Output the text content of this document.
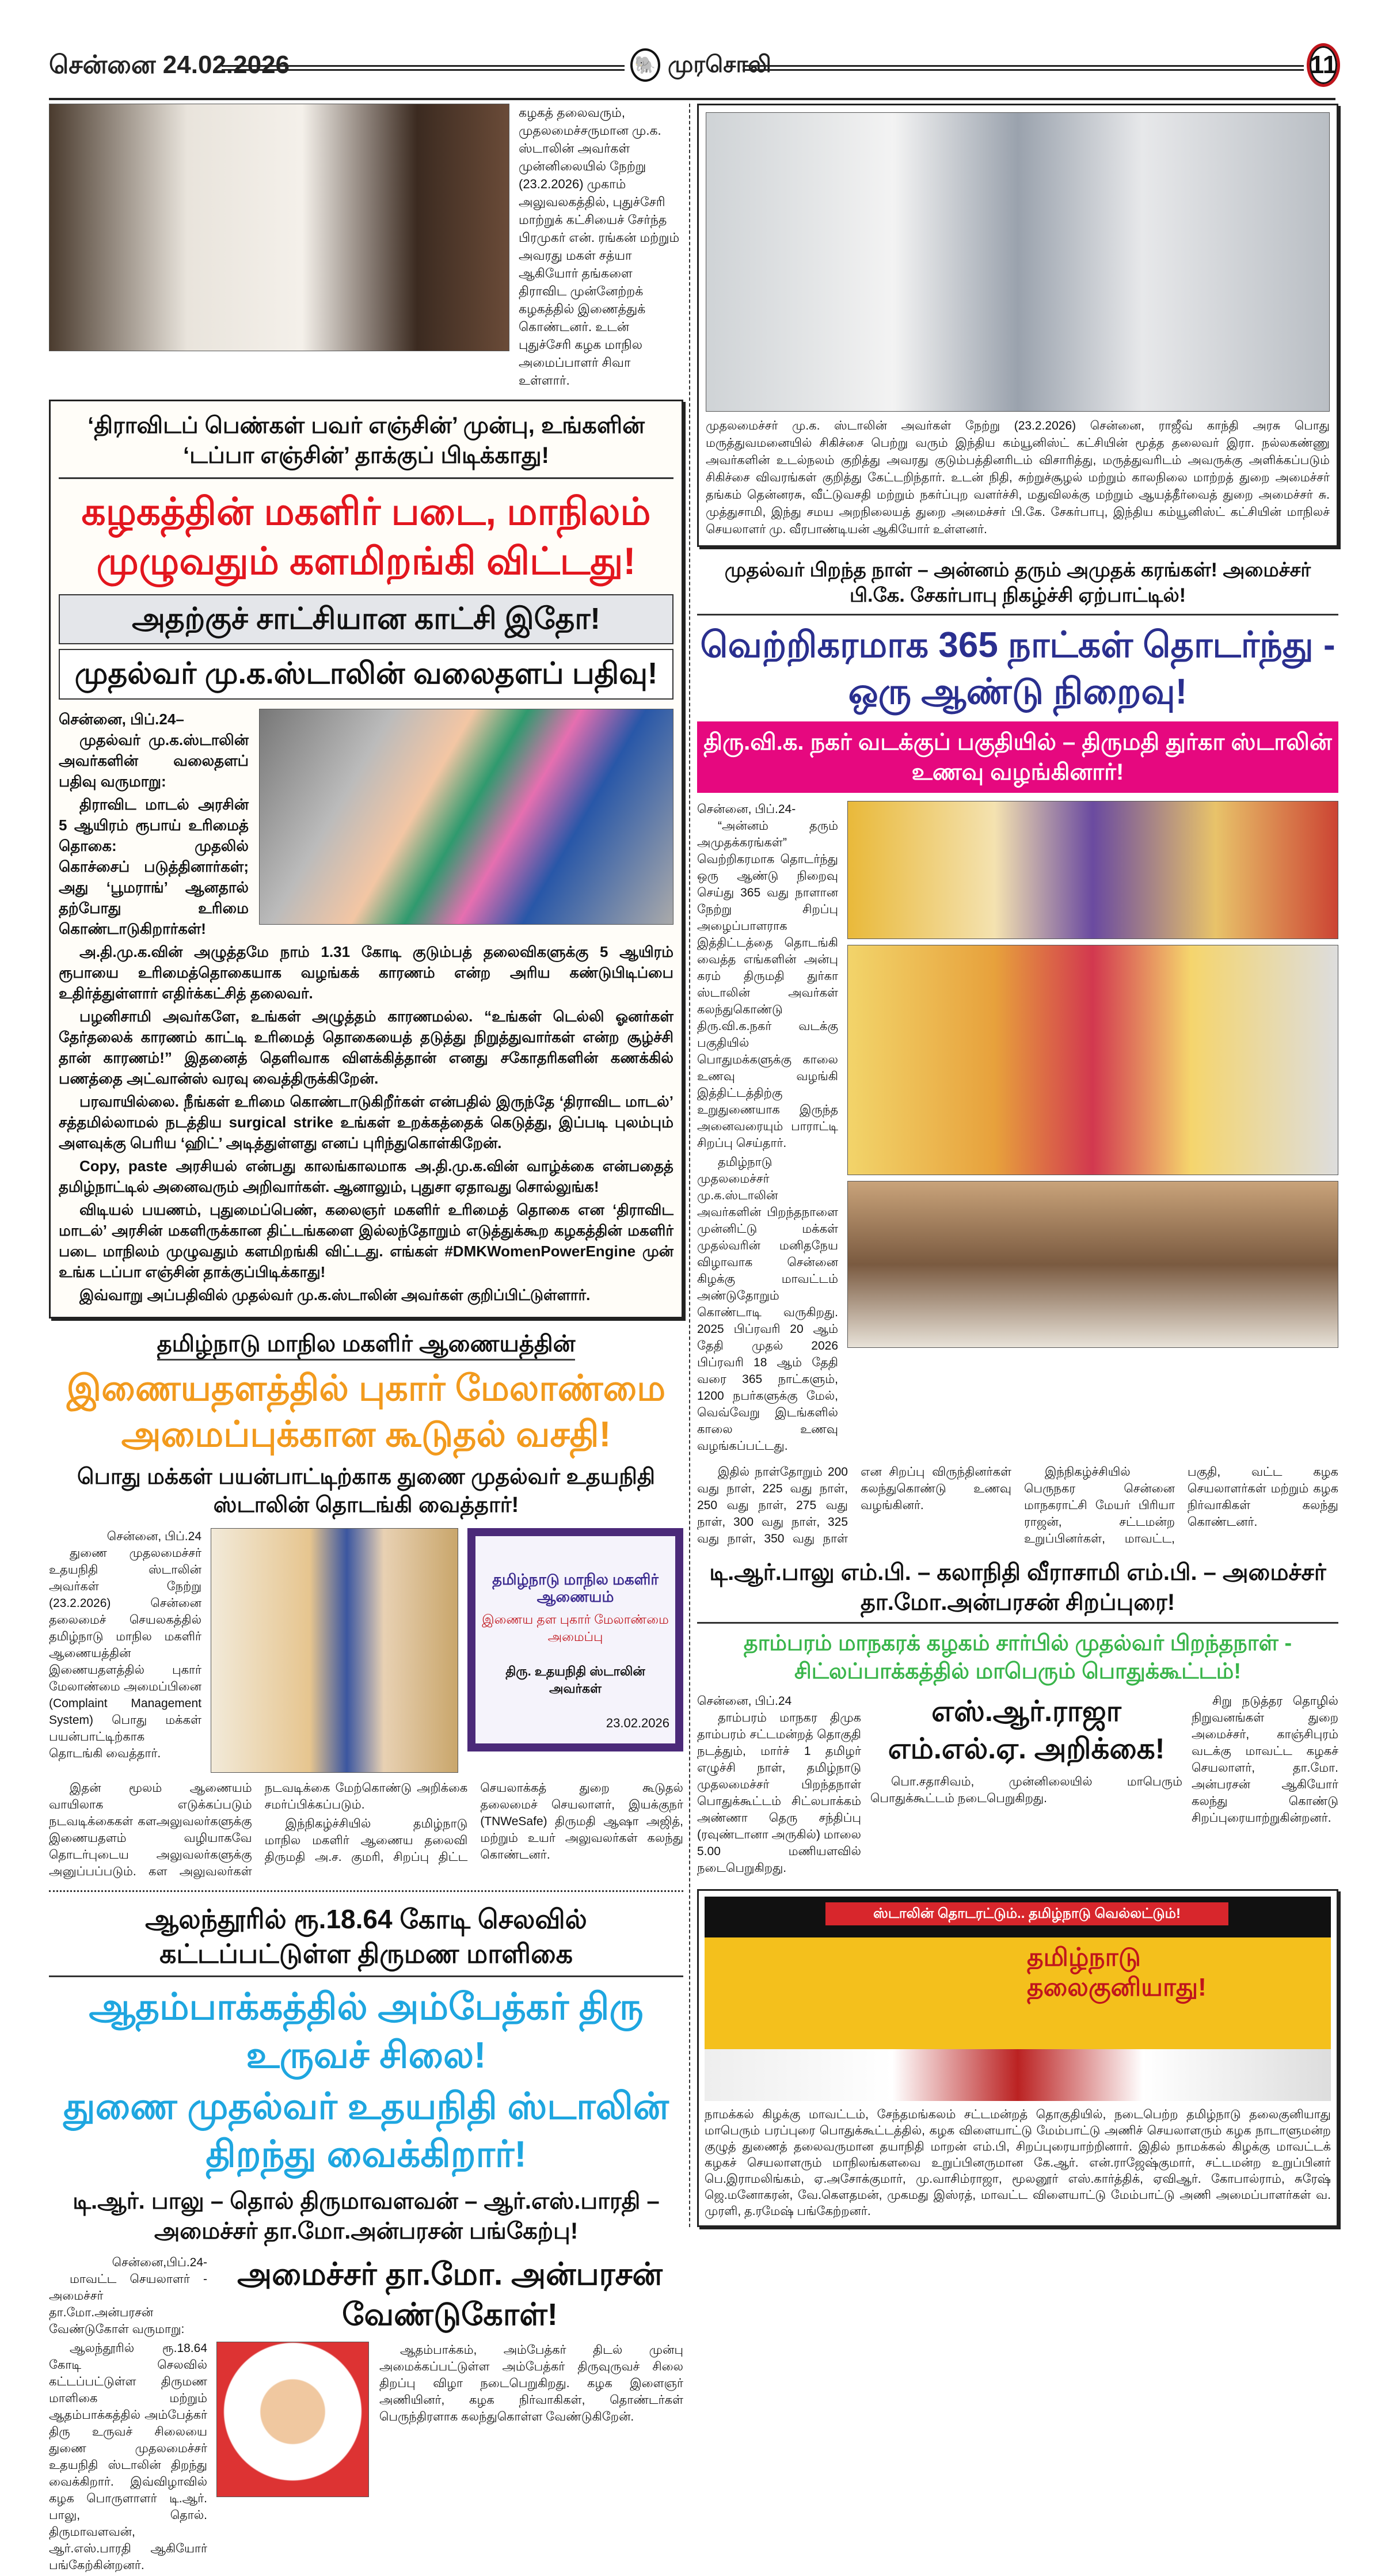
சென்னை 24.02.2026	🐘 முரசொலி	11
கழகத் தலைவரும், முதலமைச்சருமான மு.க. ஸ்டாலின் அவர்கள் முன்னிலையில் நேற்று (23.2.2026) முகாம் அலுவலகத்தில், புதுச்சேரி மாற்றுக் கட்சியைச் சேர்ந்த பிரமுகர் என். ரங்கன் மற்றும் அவரது மகள் சத்யா ஆகியோர் தங்களை திராவிட முன்னேற்றக் கழகத்தில் இணைத்துக் கொண்டனர். உடன் புதுச்சேரி கழக மாநில அமைப்பாளர் சிவா உள்ளார்.
‘திராவிடப் பெண்கள் பவர் எஞ்சின்’ முன்பு, உங்களின் ‘டப்பா எஞ்சின்’ தாக்குப் பிடிக்காது!
கழகத்தின் மகளிர் படை, மாநிலம் முழுவதும் களமிறங்கி விட்டது!
அதற்குச் சாட்சியான காட்சி இதோ!
முதல்வர் மு.க.ஸ்டாலின் வலைதளப் பதிவு!
சென்னை, பிப்.24–

முதல்வர் மு.க.ஸ்டாலின் அவர்களின் வலைதளப் பதிவு வருமாறு:

திராவிட மாடல் அரசின் 5 ஆயிரம் ரூபாய் உரிமைத் தொகை: முதலில் கொச்சைப் படுத்தினார்கள்; அது ‘பூமராங்’ ஆனதால் தற்போது உரிமை கொண்டாடுகிறார்கள்!

அ.தி.மு.க.வின் அழுத்தமே நாம் 1.31 கோடி குடும்பத் தலைவிகளுக்கு 5 ஆயிரம் ரூபாயை உரிமைத்தொகையாக வழங்கக் காரணம் என்ற அரிய கண்டுபிடிப்பை உதிர்த்துள்ளார் எதிர்க்கட்சித் தலைவர்.

பழனிசாமி அவர்களே, உங்கள் அழுத்தம் காரணமல்ல. “உங்கள் டெல்லி ஓனர்கள் தேர்தலைக் காரணம் காட்டி உரிமைத் தொகையைத் தடுத்து நிறுத்துவார்கள் என்ற சூழ்ச்சி தான் காரணம்!” இதனைத் தெளிவாக விளக்கித்தான் எனது சகோதரிகளின் கணக்கில் பணத்தை அட்வான்ஸ் வரவு வைத்திருக்கிறேன்.

பரவாயில்லை. நீங்கள் உரிமை கொண்டாடுகிறீர்கள் என்பதில் இருந்தே ‘திராவிட மாடல்’ சத்தமில்லாமல் நடத்திய surgical strike உங்கள் உறக்கத்தைக் கெடுத்து, இப்படி புலம்பும் அளவுக்கு பெரிய ‘ஹிட்’ அடித்துள்ளது எனப் புரிந்துகொள்கிறேன்.

Copy, paste அரசியல் என்பது காலங்காலமாக அ.தி.மு.க.வின் வாழ்க்கை என்பதைத் தமிழ்நாட்டில் அனைவரும் அறிவார்கள். ஆனாலும், புதுசா ஏதாவது சொல்லுங்க!

விடியல் பயணம், புதுமைப்பெண், கலைஞர் மகளிர் உரிமைத் தொகை என ‘திராவிட மாடல்’ அரசின் மகளிருக்கான திட்டங்களை இல்லந்தோறும் எடுத்துக்கூற கழகத்தின் மகளிர் படை மாநிலம் முழுவதும் களமிறங்கி விட்டது. எங்கள் #DMKWomenPowerEngine முன் உங்க டப்பா எஞ்சின் தாக்குப்பிடிக்காது!

இவ்வாறு அப்பதிவில் முதல்வர் மு.க.ஸ்டாலின் அவர்கள் குறிப்பிட்டுள்ளார்.

தமிழ்நாடு மாநில மகளிர் ஆணையத்தின்
இணையதளத்தில் புகார் மேலாண்மை அமைப்புக்கான கூடுதல் வசதி!
பொது மக்கள் பயன்பாட்டிற்காக துணை முதல்வர் உதயநிதி ஸ்டாலின் தொடங்கி வைத்தார்!
சென்னை, பிப்.24

துணை முதலமைச்சர் உதயநிதி ஸ்டாலின் அவர்கள் நேற்று (23.2.2026) சென்னை தலைமைச் செயலகத்தில் தமிழ்நாடு மாநில மகளிர் ஆணையத்தின் இணையதளத்தில் புகார் மேலாண்மை அமைப்பினை (Complaint Management System) பொது மக்கள் பயன்பாட்டிற்காக தொடங்கி வைத்தார்.

தமிழ்நாடு மாநில மகளிர் ஆணையம்
இணைய தள புகார் மேலாண்மை அமைப்பு
திரு. உதயநிதி ஸ்டாலின் அவர்கள்
23.02.2026

இதன் மூலம் ஆணையம் வாயிலாக எடுக்கப்படும் நடவடிக்கைகள் களஅலுவலர்களுக்கு இணையதளம் வழியாகவே தொடர்புடைய அலுவலர்களுக்கு அனுப்பப்படும். கள அலுவலர்கள் நடவடிக்கை மேற்கொண்டு அறிக்கை சமர்ப்பிக்கப்படும்.

இந்நிகழ்ச்சியில் தமிழ்நாடு மாநில மகளிர் ஆணைய தலைவி திருமதி அ.ச. குமரி, சிறப்பு திட்ட செயலாக்கத் துறை கூடுதல் தலைமைச் செயலாளர், இயக்குநர் (TNWeSafe) திருமதி ஆஷா அஜித், மற்றும் உயர் அலுவலர்கள் கலந்து கொண்டனர்.

ஆலந்தூரில் ரூ.18.64 கோடி செலவில் கட்டப்பட்டுள்ள திருமண மாளிகை
ஆதம்பாக்கத்தில் அம்பேத்கர் திரு உருவச் சிலை!
துணை முதல்வர் உதயநிதி ஸ்டாலின் திறந்து வைக்கிறார்!
டி.ஆர். பாலு – தொல் திருமாவளவன் – ஆர்.எஸ்.பாரதி – அமைச்சர் தா.மோ.அன்பரசன் பங்கேற்பு!
சென்னை,பிப்.24-

மாவட்ட செயலாளர் - அமைச்சர் தா.மோ.அன்பரசன் வேண்டுகோள் வருமாறு:

ஆலந்தூரில் ரூ.18.64 கோடி செலவில் கட்டப்பட்டுள்ள திருமண மாளிகை மற்றும் ஆதம்பாக்கத்தில் அம்பேத்கர் திரு உருவச் சிலையை துணை முதலமைச்சர் உதயநிதி ஸ்டாலின் திறந்து வைக்கிறார். இவ்விழாவில் கழக பொருளாளர் டி.ஆர். பாலு, தொல். திருமாவளவன், ஆர்.எஸ்.பாரதி ஆகியோர் பங்கேற்கின்றனர்.

அமைச்சர் தா.மோ. அன்பரசன் வேண்டுகோள்!

ஆதம்பாக்கம், அம்பேத்கர் திடல் முன்பு அமைக்கப்பட்டுள்ள அம்பேத்கர் திருவுருவச் சிலை திறப்பு விழா நடைபெறுகிறது. கழக இளைஞர் அணியினர், கழக நிர்வாகிகள், தொண்டர்கள் பெருந்திரளாக கலந்துகொள்ள வேண்டுகிறேன்.

முதலமைச்சர் மு.க. ஸ்டாலின் அவர்கள் நேற்று (23.2.2026) சென்னை, ராஜீவ் காந்தி அரசு பொது மருத்துவமனையில் சிகிச்சை பெற்று வரும் இந்திய கம்யூனிஸ்ட் கட்சியின் மூத்த தலைவர் இரா. நல்லகண்ணு அவர்களின் உடல்நலம் குறித்து அவரது குடும்பத்தினரிடம் விசாரித்து, மருத்துவரிடம் அவருக்கு அளிக்கப்படும் சிகிச்சை விவரங்கள் குறித்து கேட்டறிந்தார். உடன் நிதி, சுற்றுச்சூழல் மற்றும் காலநிலை மாற்றத் துறை அமைச்சர் தங்கம் தென்னரசு, வீட்டுவசதி மற்றும் நகர்ப்புற வளர்ச்சி, மதுவிலக்கு மற்றும் ஆயத்தீர்வைத் துறை அமைச்சர் சு. முத்துசாமி, இந்து சமய அறநிலையத் துறை அமைச்சர் பி.கே. சேகர்பாபு, இந்திய கம்யூனிஸ்ட் கட்சியின் மாநிலச் செயலாளர் மு. வீரபாண்டியன் ஆகியோர் உள்ளனர்.
முதல்வர் பிறந்த நாள் – அன்னம் தரும் அமுதக் கரங்கள்! அமைச்சர் பி.கே. சேகர்பாபு நிகழ்ச்சி ஏற்பாட்டில்!
வெற்றிகரமாக 365 நாட்கள் தொடர்ந்து - ஒரு ஆண்டு நிறைவு!
திரு.வி.க. நகர் வடக்குப் பகுதியில் – திருமதி துர்கா ஸ்டாலின் உணவு வழங்கினார்!
சென்னை, பிப்.24-

“அன்னம் தரும் அமுதக்கரங்கள்” வெற்றிகரமாக தொடர்ந்து ஒரு ஆண்டு நிறைவு செய்து 365 வது நாளான நேற்று சிறப்பு அழைப்பாளராக இத்திட்டத்தை தொடங்கி வைத்த எங்களின் அன்பு கரம் திருமதி துர்கா ஸ்டாலின் அவர்கள் கலந்துகொண்டு திரு.வி.க.நகர் வடக்கு பகுதியில் பொதுமக்களுக்கு காலை உணவு வழங்கி இத்திட்டத்திற்கு உறுதுணையாக இருந்த அனைவரையும் பாராட்டி சிறப்பு செய்தார்.

தமிழ்நாடு முதலமைச்சர் மு.க.ஸ்டாலின் அவர்களின் பிறந்தநாளை முன்னிட்டு மக்கள் முதல்வரின் மனிதநேய விழாவாக சென்னை கிழக்கு மாவட்டம் அண்டுதோறும் கொண்டாடி வருகிறது. 2025 பிப்ரவரி 20 ஆம் தேதி முதல் 2026 பிப்ரவரி 18 ஆம் தேதி வரை 365 நாட்களும், 1200 நபர்களுக்கு மேல், வெவ்வேறு இடங்களில் காலை உணவு வழங்கப்பட்டது.

இதில் நாள்தோறும் 200 வது நாள், 225 வது நாள், 250 வது நாள், 275 வது நாள், 300 வது நாள், 325 வது நாள், 350 வது நாள் என சிறப்பு விருந்தினர்கள் கலந்துகொண்டு உணவு வழங்கினர்.

இந்நிகழ்ச்சியில் பெருநகர சென்னை மாநகராட்சி மேயர் பிரியா ராஜன், சட்டமன்ற உறுப்பினர்கள், மாவட்ட, பகுதி, வட்ட கழக செயலாளர்கள் மற்றும் கழக நிர்வாகிகள் கலந்து கொண்டனர்.

டி.ஆர்.பாலு எம்.பி. – கலாநிதி வீராசாமி எம்.பி. – அமைச்சர் தா.மோ.அன்பரசன் சிறப்புரை!
தாம்பரம் மாநகரக் கழகம் சார்பில் முதல்வர் பிறந்தநாள் - சிட்லப்பாக்கத்தில் மாபெரும் பொதுக்கூட்டம்!
சென்னை, பிப்.24

தாம்பரம் மாநகர திமுக தாம்பரம் சட்டமன்றத் தொகுதி நடத்தும், மார்ச் 1 தமிழர் எழுச்சி நாள், தமிழ்நாடு முதலமைச்சர் பிறந்தநாள் பொதுக்கூட்டம் சிட்லபாக்கம் அண்ணா தெரு சந்திப்பு (ரவுண்டானா அருகில்) மாலை 5.00 மணியளவில் நடைபெறுகிறது.

எஸ்.ஆர்.ராஜா எம்.எல்.ஏ. அறிக்கை!

பொ.சதாசிவம், முன்னிலையில் மாபெரும் பொதுக்கூட்டம் நடைபெறுகிறது.

சிறு நடுத்தர தொழில் நிறுவனங்கள் துறை அமைச்சர், காஞ்சிபுரம் வடக்கு மாவட்ட கழகச் செயலாளர், தா.மோ. அன்பரசன் ஆகியோர் கலந்து கொண்டு சிறப்புரையாற்றுகின்றனர்.

ஸ்டாலின் தொடரட்டும்.. தமிழ்நாடு வெல்லட்டும்!
தமிழ்நாடு தலைகுனியாது!
நாமக்கல் கிழக்கு மாவட்டம், சேந்தமங்கலம் சட்டமன்றத் தொகுதியில், நடைபெற்ற தமிழ்நாடு தலைகுனியாது மாபெரும் பரப்புரை பொதுக்கூட்டத்தில், கழக விளையாட்டு மேம்பாட்டு அணிச் செயலாளரும் கழக நாடாளுமன்ற குழுத் துணைத் தலைவருமான தயாநிதி மாறன் எம்.பி, சிறப்புரையாற்றினார். இதில் நாமக்கல் கிழக்கு மாவட்டக் கழகச் செயலாளரும் மாநிலங்களவை உறுப்பினருமான கே.ஆர். என்.ராஜேஷ்குமார், சட்டமன்ற உறுப்பினர் பெ.இராமலிங்கம், ஏ.அசோக்குமார், மு.வாசிம்ராஜா, மூலனூர் எஸ்.கார்த்திக், ஏவிஆர். கோபால்ராம், சுரேஷ் ஜெ.மனோகரன், வே.கௌதமன், முகமது இஸ்ரத், மாவட்ட விளையாட்டு மேம்பாட்டு அணி அமைப்பாளர்கள் வ. முரளி, த.ரமேஷ் பங்கேற்றனர்.
